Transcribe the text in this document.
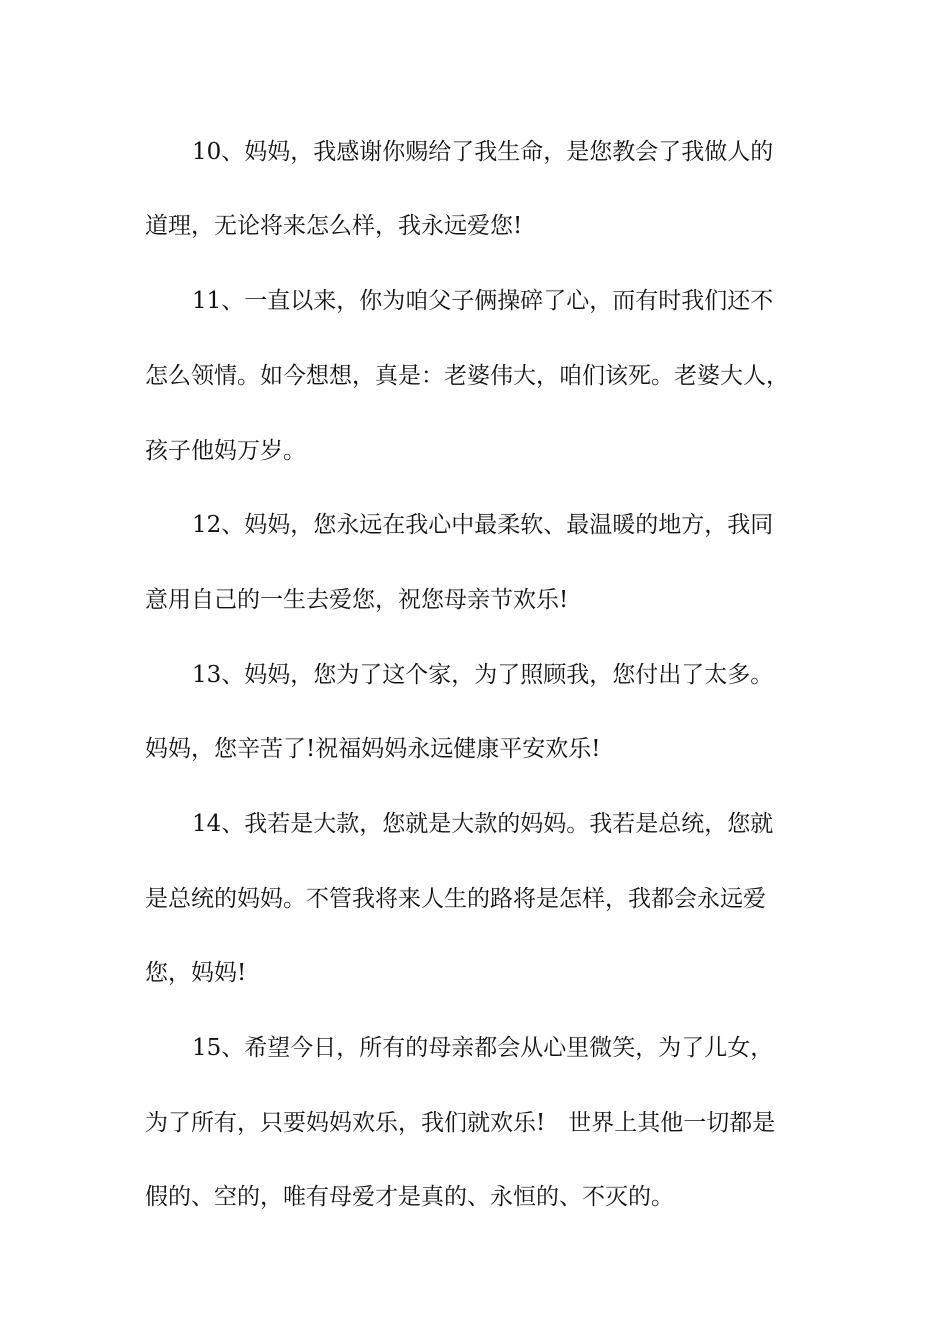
10、妈妈，我感谢你赐给了我生命，是您教会了我做人的
道理，无论将来怎么样，我永远爱您!
11、一直以来，你为咱父子俩操碎了心，而有时我们还不
怎么领情。如今想想，真是：老婆伟大，咱们该死。老婆大人，
孩子他妈万岁。
12、妈妈，您永远在我心中最柔软、最温暖的地方，我同
意用自己的一生去爱您，祝您母亲节欢乐!
13、妈妈，您为了这个家，为了照顾我，您付出了太多。
妈妈，您辛苦了!祝福妈妈永远健康平安欢乐!
14、我若是大款，您就是大款的妈妈。我若是总统，您就
是总统的妈妈。不管我将来人生的路将是怎样，我都会永远爱
您，妈妈!
15、希望今日，所有的母亲都会从心里微笑，为了儿女，
为了所有，只要妈妈欢乐，我们就欢乐!　世界上其他一切都是
假的、空的，唯有母爱才是真的、永恒的、不灭的。
